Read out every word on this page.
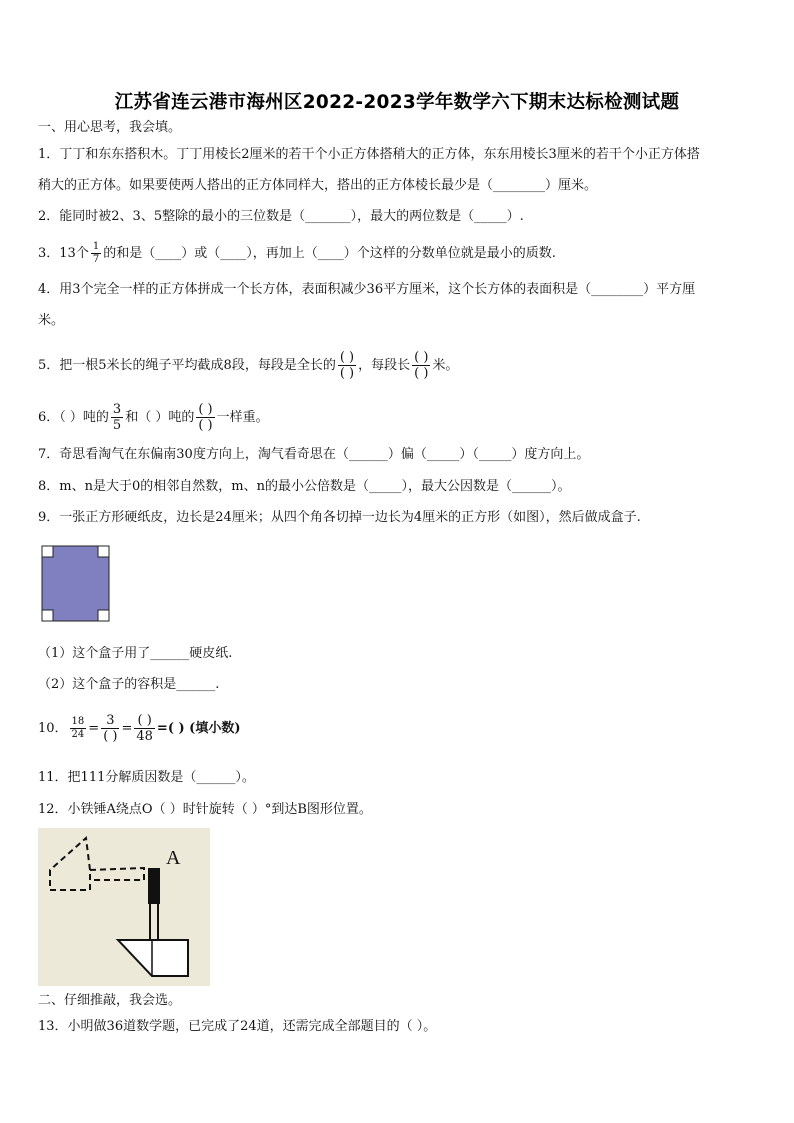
江苏省连云港市海州区2022-2023学年数学六下期末达标检测试题
一、用心思考，我会填。
1．丁丁和东东搭积木。丁丁用棱长2厘米的若干个小正方体搭稍大的正方体，东东用棱长3厘米的若干个小正方体搭
稍大的正方体。如果要使两人搭出的正方体同样大，搭出的正方体棱长最少是（________）厘米。
2．能同时被2、3、5整除的最小的三位数是（_______），最大的两位数是（_____）.
3．13个 $\frac{1}{7}$ 的和是（____）或（____），再加上（____）个这样的分数单位就是最小的质数.
4．用3个完全一样的正方体拼成一个长方体，表面积减少36平方厘米，这个长方体的表面积是（________）平方厘
米。
5．把一根5米长的绳子平均截成8段，每段是全长的 $\frac{( )}{( )}$ ，每段长 $\frac{( )}{( )}$ 米。
6．（ ）吨的 $\frac{3}{5}$ 和（ ）吨的 $\frac{( )}{( )}$ 一样重。
7．奇思看淘气在东偏南30度方向上，淘气看奇思在（______）偏（_____）（_____）度方向上。
8．m、n是大于0的相邻自然数，m、n的最小公倍数是（_____），最大公因数是（______）。
9．一张正方形硬纸皮，边长是24厘米；从四个角各切掉一边长为4厘米的正方形（如图），然后做成盒子.
（1）这个盒子用了______硬皮纸.
（2）这个盒子的容积是______.
10． $\frac{18}{24} = \frac{3}{( )} = \frac{( )}{48}$ =( ) (填小数)
11．把111分解质因数是（______）。
12．小铁锤A绕点O（ ）时针旋转（ ）°到达B图形位置。
A
二、仔细推敲，我会选。
13．小明做36道数学题，已完成了24道，还需完成全部题目的（ ）。
